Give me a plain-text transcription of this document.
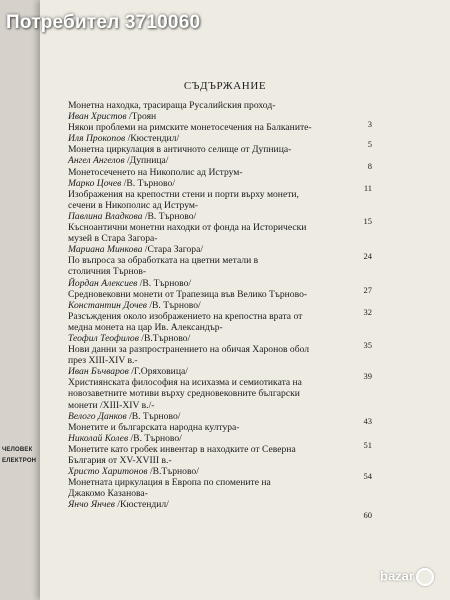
Потребител 3710060
СЪДЪРЖАНИЕ
Монетна находка, трасираща Русалийския проход-
Иван Христов /Троян
Някои проблеми на римските монетосечения на Балканите-
Иля Прокопов /Кюстендил/
3
Монетна циркулация в античното селище от Дупница-
Ангел Ангелов /Дупница/
5
Монетосеченето на Никополис ад Иструм-
Марко Цочев /В. Търново/
8
Изображения на крепостни стени и порти върху монети,
сечени в Никополис ад Иструм-
Павлина Владкова /В. Търново/
11
Късноантични монетни находки от фонда на Исторически
музей в Стара Загора-
Мариана Минкова /Стара Загора/
15
По въпроса за обработката на цветни метали в
столичния Търнов-
Йордан Алексиев /В. Търново/
24
Средновековни монети от Трапезица във Велико Търново-
Константин Дочев /В. Търново/
27
Разсъждения около изображението на крепостна врата от
медна монета на цар Ив. Александър-
Теофил Теофилов /В.Търново/
32
Нови данни за разпространението на обичая Харонов обол
през XIII-XIV в.-
Иван Бъчваров /Г.Оряховица/
35
Християнската философия на исихазма и семиотиката на
новозаветните мотиви върху средновековните български
монети /XIII-XIV в./-
Велого Данков /В. Търново/
39
Монетите и българската народна култура-
Николай Колев /В. Търново/
43
Монетите като гробек инвентар в находките от Северна
България от XV-XVIII в.-
Христо Харитонов /В.Търново/
51
Монетната циркулация в Европа по спомените на
Джакомо Казанова-
Янчо Янчев /Кюстендил/
54
60
ЧЕЛОВЕК
ЕЛЕКТРОН
bazar
